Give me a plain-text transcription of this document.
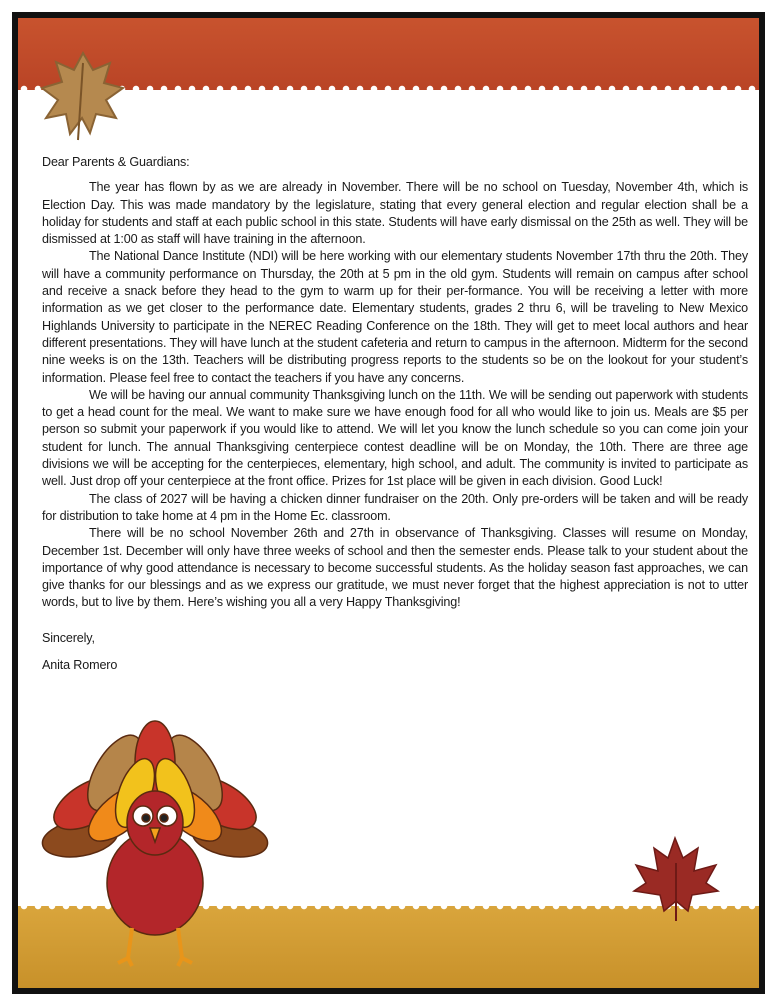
Dear Parents & Guardians:

The year has flown by as we are already in November. There will be no school on Tuesday, November 4th, which is Election Day. This was made mandatory by the legislature, stating that every general election and regular election shall be a holiday for students and staff at each public school in this state. Students will have early dismissal on the 25th as well. They will be dismissed at 1:00 as staff will have training in the afternoon.

The National Dance Institute (NDI) will be here working with our elementary students November 17th thru the 20th. They will have a community performance on Thursday, the 20th at 5 pm in the old gym. Students will remain on campus after school and receive a snack before they head to the gym to warm up for their per-formance. You will be receiving a letter with more information as we get closer to the performance date. Elementary students, grades 2 thru 6, will be traveling to New Mexico Highlands University to participate in the NEREC Reading Conference on the 18th. They will get to meet local authors and hear different presentations. They will have lunch at the student cafeteria and return to campus in the afternoon. Midterm for the second nine weeks is on the 13th. Teachers will be distributing progress reports to the students so be on the lookout for your student’s information. Please feel free to contact the teachers if you have any concerns.

We will be having our annual community Thanksgiving lunch on the 11th. We will be sending out paperwork with students to get a head count for the meal. We want to make sure we have enough food for all who would like to join us. Meals are $5 per person so submit your paperwork if you would like to attend. We will let you know the lunch schedule so you can come join your student for lunch. The annual Thanksgiving centerpiece contest deadline will be on Monday, the 10th. There are three age divisions we will be accepting for the centerpieces, elementary, high school, and adult. The community is invited to participate as well. Just drop off your centerpiece at the front office. Prizes for 1st place will be given in each division. Good Luck!

The class of 2027 will be having a chicken dinner fundraiser on the 20th. Only pre-orders will be taken and will be ready for distribution to take home at 4 pm in the Home Ec. classroom.

There will be no school November 26th and 27th in observance of Thanksgiving. Classes will resume on Monday, December 1st. December will only have three weeks of school and then the semester ends. Please talk to your student about the importance of why good attendance is necessary to become successful students. As the holiday season fast approaches, we can give thanks for our blessings and as we express our gratitude, we must never forget that the highest appreciation is not to utter words, but to live by them. Here’s wishing you all a very Happy Thanksgiving!

Sincerely,

Anita Romero
